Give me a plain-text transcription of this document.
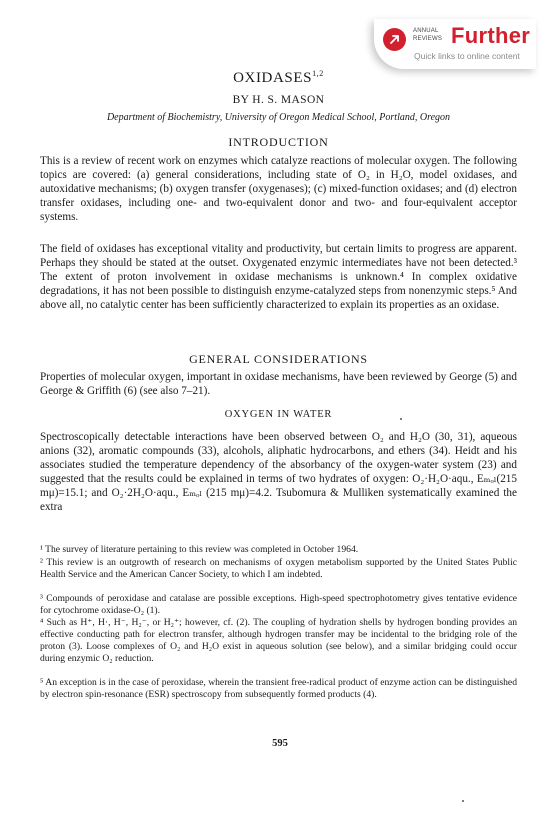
ANNUAL
REVIEWS Further
Quick links to online content
OXIDASES$^{1,2}$
BY H. S. MASON
Department of Biochemistry, University of Oregon Medical School, Portland, Oregon
INTRODUCTION

This is a review of recent work on enzymes which catalyze reactions of molecular oxygen. The following topics are covered: (a) general considerations, including state of O₂ in H₂O, model oxidases, and autoxidative mechanisms; (b) oxygen transfer (oxygenases); (c) mixed-function oxidases; and (d) electron transfer oxidases, including one- and two-equivalent donor and two- and four-equivalent acceptor systems.

The field of oxidases has exceptional vitality and productivity, but certain limits to progress are apparent. Perhaps they should be stated at the outset. Oxygenated enzymic intermediates have not been detected.³ The extent of proton involvement in oxidase mechanisms is unknown.⁴ In complex oxidative degradations, it has not been possible to distinguish enzyme-catalyzed steps from nonenzymic steps.⁵ And above all, no catalytic center has been sufficiently characterized to explain its properties as an oxidase.

GENERAL CONSIDERATIONS

Properties of molecular oxygen, important in oxidase mechanisms, have been reviewed by George (5) and George & Griffith (6) (see also 7–21).

OXYGEN IN WATER

Spectroscopically detectable interactions have been observed between O₂ and H₂O (30, 31), aqueous anions (32), aromatic compounds (33), alcohols, aliphatic hydrocarbons, and ethers (34). Heidt and his associates studied the temperature dependency of the absorbancy of the oxygen-water system (23) and suggested that the results could be explained in terms of two hydrates of oxygen: O₂·H₂O·aqu., Eₘₒₗ(215 mμ)=15.1; and O₂·2H₂O·aqu., Eₘₒₗ (215 mμ)=4.2. Tsubomura & Mulliken systematically examined the extra

¹ The survey of literature pertaining to this review was completed in October 1964.

² This review is an outgrowth of research on mechanisms of oxygen metabolism supported by the United States Public Health Service and the American Cancer Society, to which I am indebted.

³ Compounds of peroxidase and catalase are possible exceptions. High-speed spectrophotometry gives tentative evidence for cytochrome oxidase-O₂ (1).

⁴ Such as H⁺, H·, H⁻, H₂⁻, or H₂⁺; however, cf. (2). The coupling of hydration shells by hydrogen bonding provides an effective conducting path for electron transfer, although hydrogen transfer may be incidental to the bridging role of the proton (3). Loose complexes of O₂ and H₂O exist in aqueous solution (see below), and a similar bridging could occur during enzymic O₂ reduction.

⁵ An exception is in the case of peroxidase, wherein the transient free-radical product of enzyme action can be distinguished by electron spin-resonance (ESR) spectroscopy from subsequently formed products (4).

595
